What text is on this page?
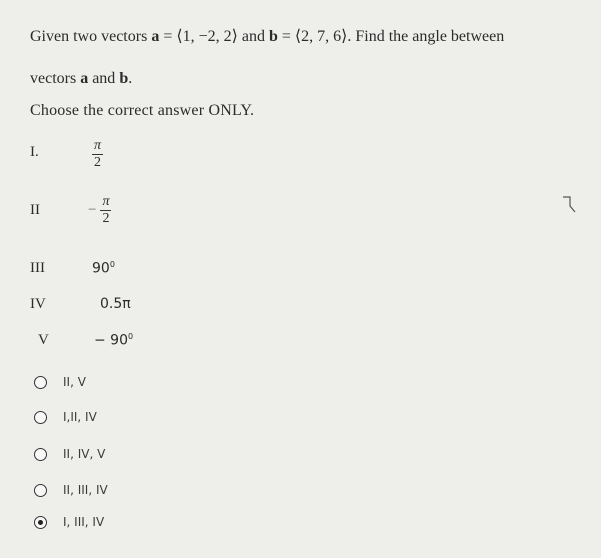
Given two vectors a = ⟨1, −2, 2⟩ and b = ⟨2, 7, 6⟩. Find the angle between
vectors a and b.
Choose the correct answer ONLY.
I.	$\frac{\pi}{2}$
II	− $\frac{\pi}{2}$
III	$90^0$
IV	0.5π
V	− $90^0$
II, V
I,II, IV
II, IV, V
II, III, IV
I, III, IV
